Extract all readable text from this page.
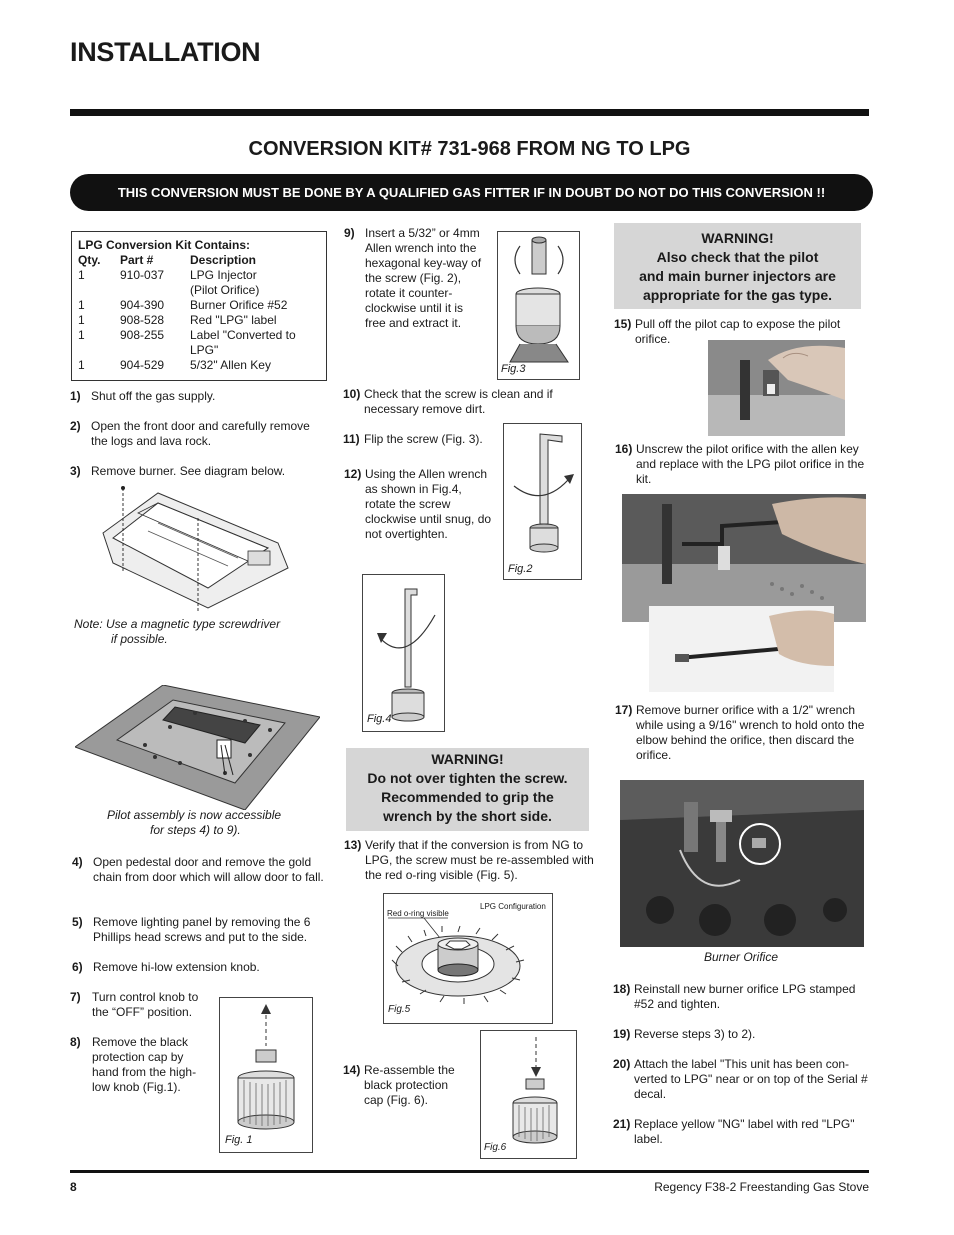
INSTALLATION
CONVERSION KIT# 731-968 FROM NG TO LPG
THIS CONVERSION MUST BE DONE BY A QUALIFIED GAS FITTER IF IN DOUBT DO NOT DO THIS CONVERSION !!
LPG Conversion Kit Contains:
Qty.	Part #	Description
1	910-037	LPG Injector
		(Pilot Orifice)
1	904-390	Burner Orifice #52
1	908-528	Red "LPG" label
1	908-255	Label "Converted to
		LPG"
1	904-529	5/32" Allen Key
1) Shut off the gas supply.
2) Open the front door and carefully remove the logs and lava rock.
3) Remove burner. See diagram below.
Note: Use a magnetic type screwdriver
if possible.
Pilot assembly is now accessible
for steps 4) to 9).
4) Open pedestal door and remove the gold chain from door which will allow door to fall.
5) Remove lighting panel by removing the 6 Phillips head screws and put to the side.
6) Remove hi-low extension knob.
7) Turn control knob to the “OFF” position.
8) Remove the black protection cap by hand from the high-low knob (Fig.1).
Fig. 1
9) Insert a 5/32” or 4mm Allen wrench into the hexagonal key-way of the screw (Fig. 2), rotate it counter-clockwise until it is free and extract it.
Fig.3
10) Check that the screw is clean and if necessary remove dirt.
11) Flip the screw (Fig. 3).
Fig.2
12) Using the Allen wrench as shown in Fig.4, rotate the screw clockwise until snug, do not overtighten.
Fig.4
WARNING!
Do not over tighten the screw.
Recommended to grip the
wrench by the short side.
13) Verify that if the conversion is from NG to LPG, the screw must be re-assembled with the red o-ring visible (Fig. 5).
Red o-ring visible
LPG Configuration
Fig.5
14) Re-assemble the black protection cap (Fig. 6).
Fig.6
WARNING!
Also check that the pilot
and main burner injectors are
appropriate for the gas type.
15) Pull off the pilot cap to expose the pilot orifice.
16) Unscrew the pilot orifice with the allen key and replace with the LPG pilot orifice in the kit.
17) Remove burner orifice with a 1/2" wrench while using a 9/16" wrench to hold onto the elbow behind the orifice, then discard the orifice.
Burner Orifice
18) Reinstall new burner orifice LPG stamped #52 and tighten.
19) Reverse steps 3) to 2).
20) Attach the label "This unit has been con-verted to LPG" near or on top of the Serial # decal.
21) Replace yellow "NG" label with red "LPG" label.
8	Regency F38-2 Freestanding Gas Stove
